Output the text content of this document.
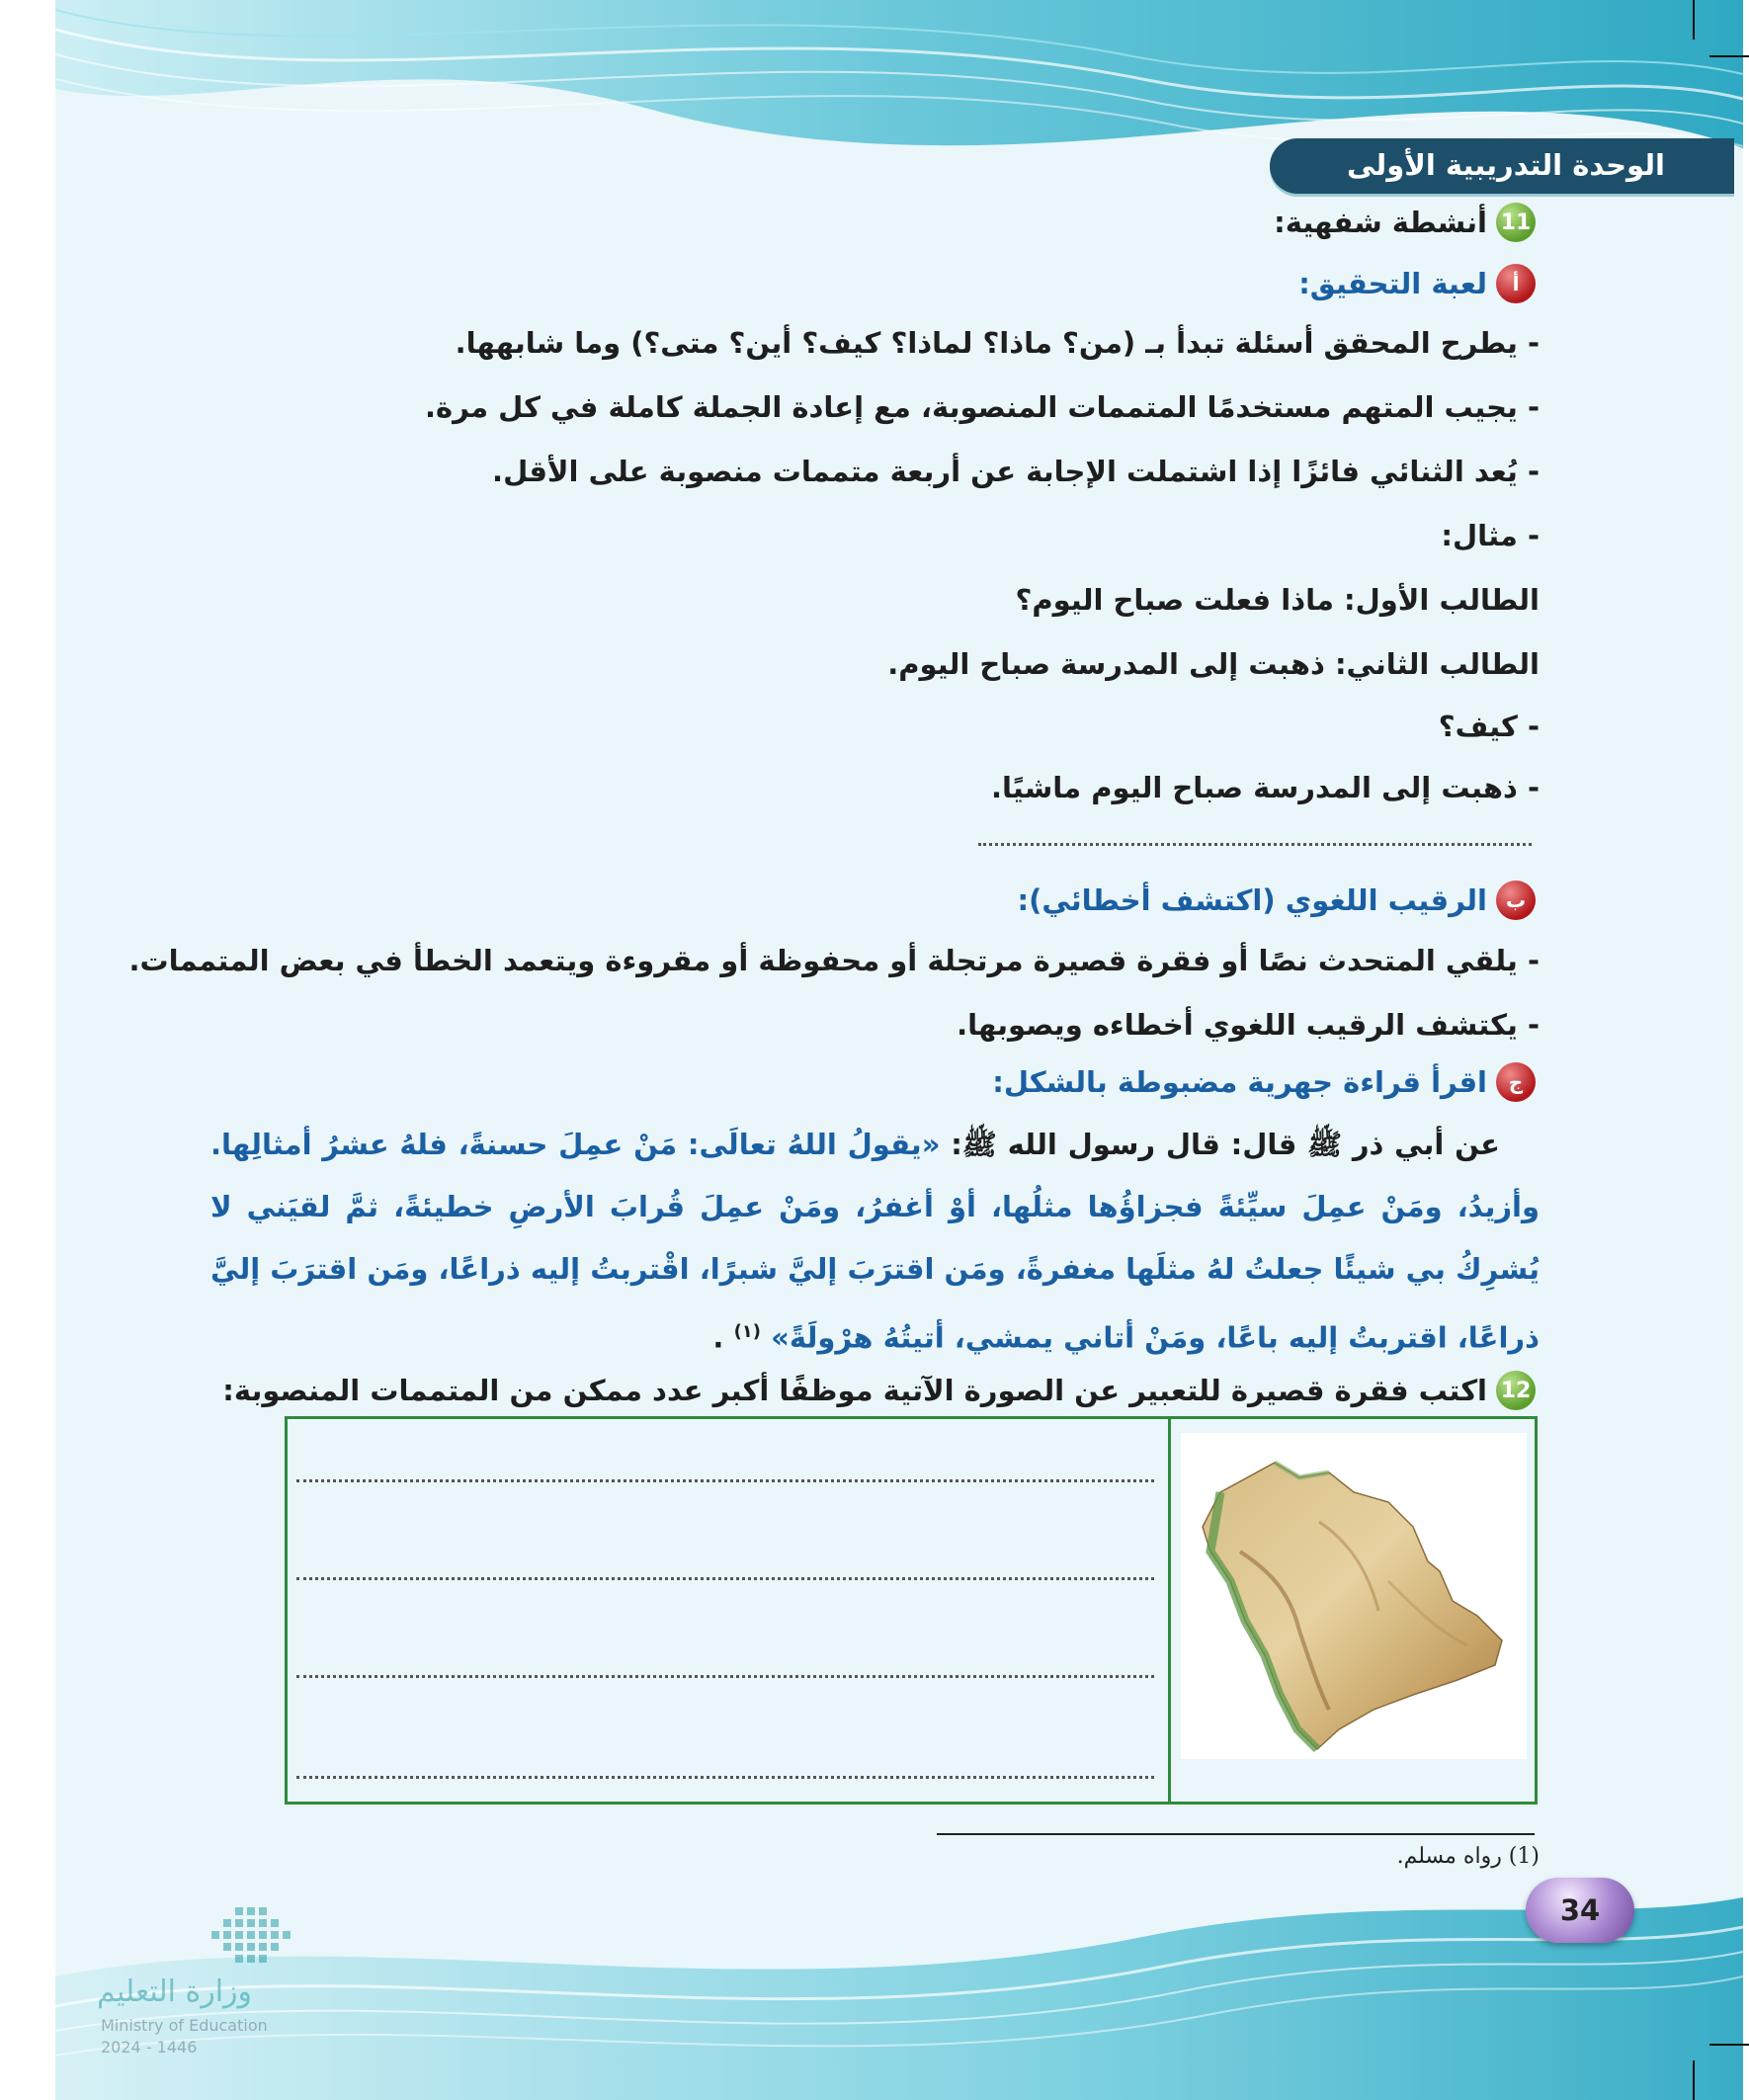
الوحدة التدريبية الأولى
11
أنشطة شفهية:
أ
لعبة التحقيق:
- يطرح المحقق أسئلة تبدأ بـ (من؟ ماذا؟ لماذا؟ كيف؟ أين؟ متى؟) وما شابهها.
- يجيب المتهم مستخدمًا المتممات المنصوبة، مع إعادة الجملة كاملة في كل مرة.
- يُعد الثنائي فائزًا إذا اشتملت الإجابة عن أربعة متممات منصوبة على الأقل.
- مثال:
الطالب الأول: ماذا فعلت صباح اليوم؟
الطالب الثاني: ذهبت إلى المدرسة صباح اليوم.
- كيف؟
- ذهبت إلى المدرسة صباح اليوم ماشيًا.
ب
الرقيب اللغوي (اكتشف أخطائي):
- يلقي المتحدث نصًا أو فقرة قصيرة مرتجلة أو محفوظة أو مقروءة ويتعمد الخطأ في بعض المتممات.
- يكتشف الرقيب اللغوي أخطاءه ويصوبها.
ج
اقرأ قراءة جهرية مضبوطة بالشكل:
عن أبي ذر ﷺ قال: قال رسول الله ﷺ: «يقولُ اللهُ تعالَى: مَنْ عمِلَ حسنةً، فلهُ عشرُ أمثالِها. وأزيدُ، ومَنْ عمِلَ سيِّئةً فجزاؤُها مثلُها، أوْ أغفرُ، ومَنْ عمِلَ قُرابَ الأرضِ خطيئةً، ثمَّ لقيَني لا يُشرِكُ بي شيئًا جعلتُ لهُ مثلَها مغفرةً، ومَن اقترَبَ إليَّ شبرًا، اقْتربتُ إليه ذراعًا، ومَن اقترَبَ إليَّ ذراعًا، اقتربتُ إليه باعًا، ومَنْ أتاني يمشي، أتيتُهُ هرْولَةً» $^{(١)}$ .
12
اكتب فقرة قصيرة للتعبير عن الصورة الآتية موظفًا أكبر عدد ممكن من المتممات المنصوبة:
(1) رواه مسلم.
34
وزارة التعليم
Ministry of Education
2024 - 1446
